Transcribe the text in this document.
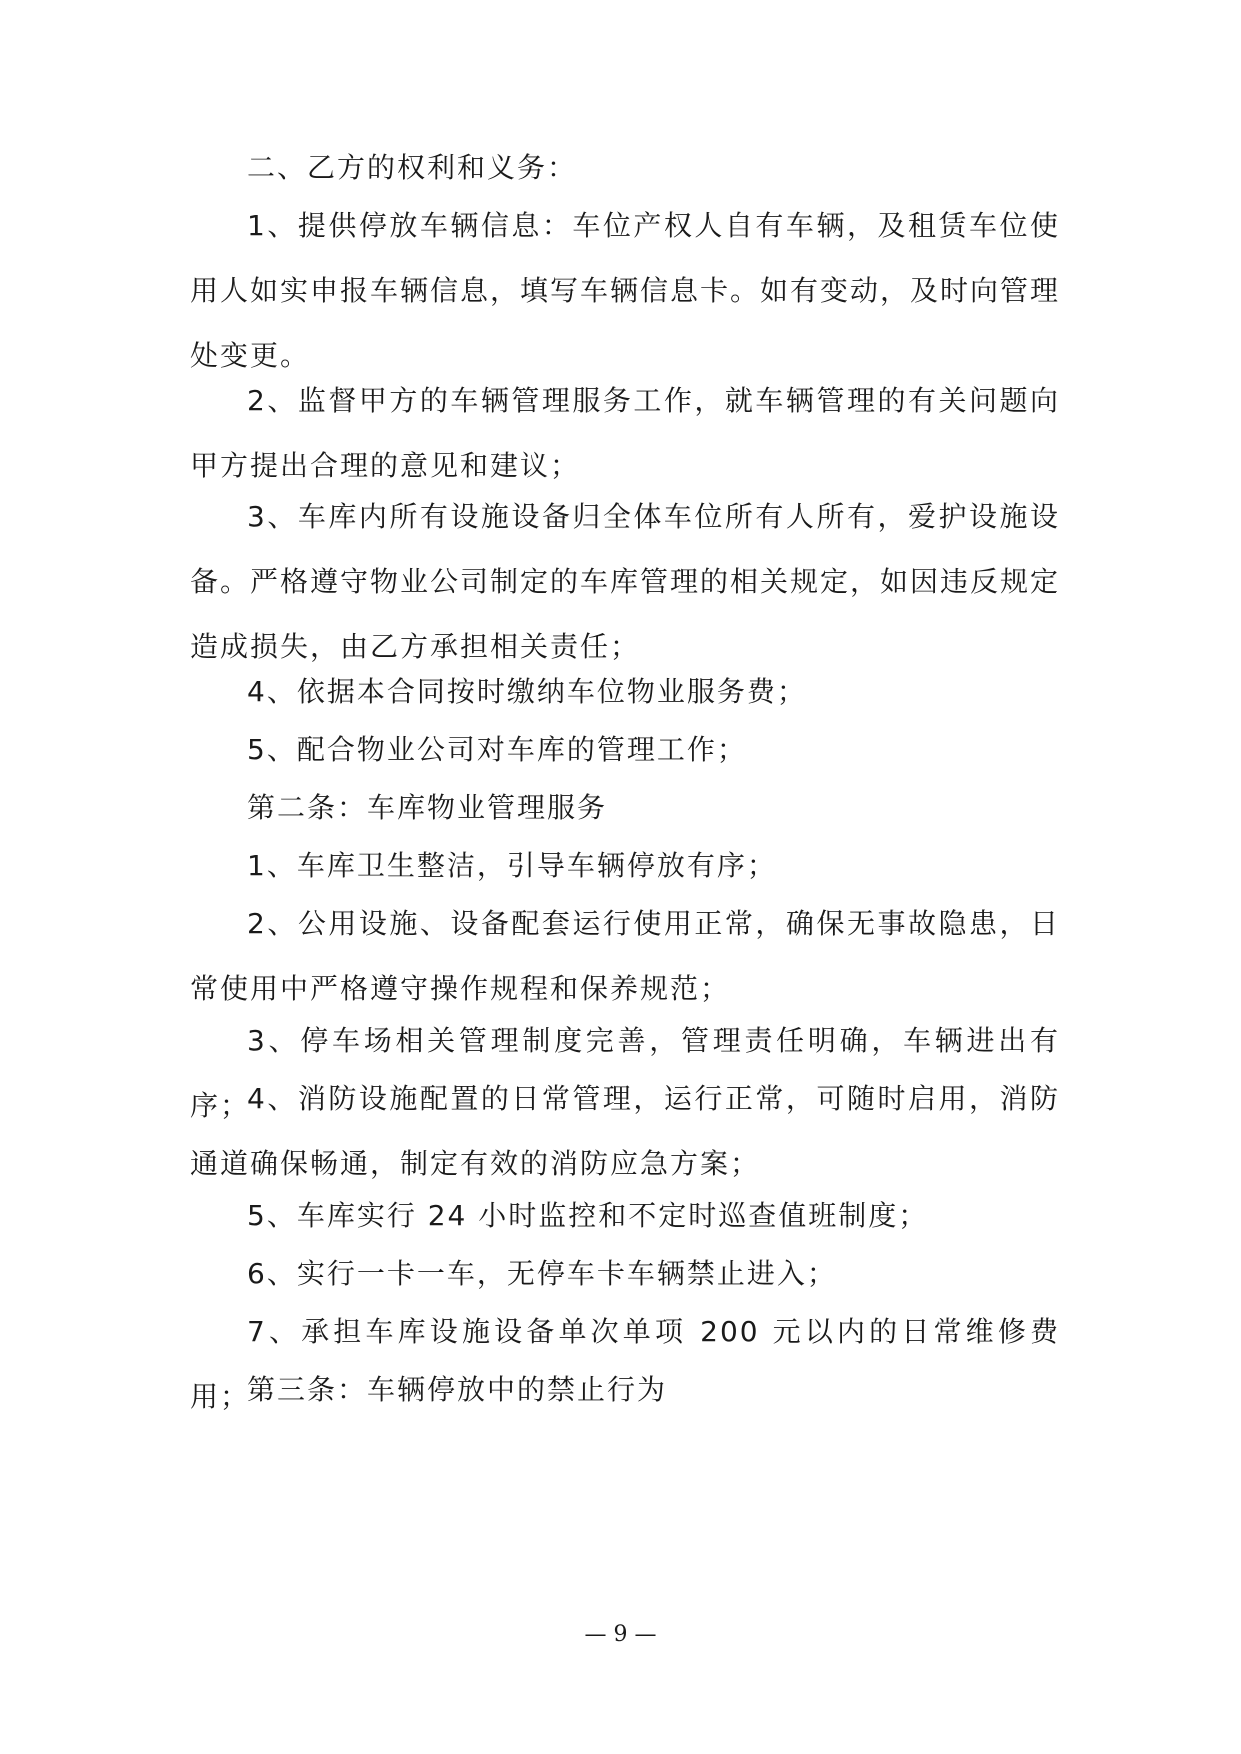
二、乙方的权利和义务：

1、提供停放车辆信息：车位产权人自有车辆，及租赁车位使用人如实申报车辆信息，填写车辆信息卡。如有变动，及时向管理处变更。

2、监督甲方的车辆管理服务工作，就车辆管理的有关问题向甲方提出合理的意见和建议；

3、车库内所有设施设备归全体车位所有人所有，爱护设施设备。严格遵守物业公司制定的车库管理的相关规定，如因违反规定造成损失，由乙方承担相关责任；

4、依据本合同按时缴纳车位物业服务费；

5、配合物业公司对车库的管理工作；

第二条：车库物业管理服务

1、车库卫生整洁，引导车辆停放有序；

2、公用设施、设备配套运行使用正常，确保无事故隐患，日常使用中严格遵守操作规程和保养规范；

3、停车场相关管理制度完善，管理责任明确，车辆进出有序；

4、消防设施配置的日常管理，运行正常，可随时启用，消防通道确保畅通，制定有效的消防应急方案；

5、车库实行 24 小时监控和不定时巡查值班制度；

6、实行一卡一车，无停车卡车辆禁止进入；

7、承担车库设施设备单次单项 200 元以内的日常维修费用；

第三条：车辆停放中的禁止行为

— 9 —
